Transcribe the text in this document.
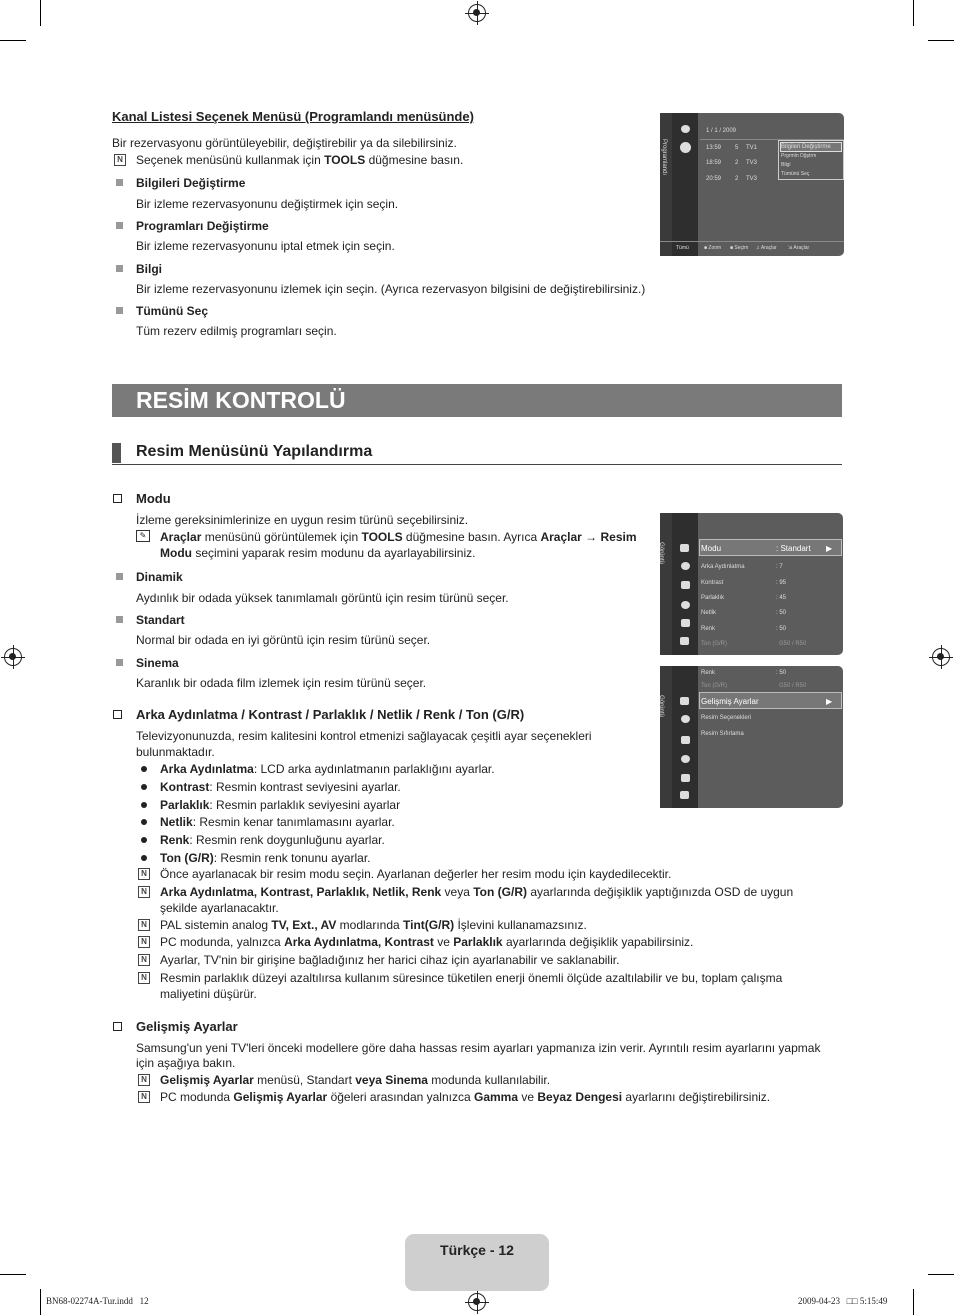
Kanal Listesi Seçenek Menüsü (Programlandı menüsünde)
Bir rezervasyonu görüntüleyebilir, değiştirebilir ya da silebilirsiniz.
N Seçenek menüsünü kullanmak için TOOLS düğmesine basın.
Bilgileri Değiştirme
Bir izleme rezervasyonunu değiştirmek için seçin.
Programları Değiştirme
Bir izleme rezervasyonunu iptal etmek için seçin.
Bilgi
Bir izleme rezervasyonunu izlemek için seçin. (Ayrıca rezervasyon bilgisini de değiştirebilirsiniz.)
Tümünü Seç
Tüm rezerv edilmiş programları seçin.
Programlandı
1 / 1 / 2009
13:59 5 TV1
18:59 2 TV3
20:59 2 TV3
Bilgileri Değiştirme
Prgrmlrı Dğştrm
Bilgi
Tümünü Seç
Tümü	■ Zoom ■ Seçim ♫ Araçlar ⇲ Araçlar
RESİM KONTROLÜ
Resim Menüsünü Yapılandırma
Modu
İzleme gereksinimlerinize en uygun resim türünü seçebilirsiniz.
✎	Araçlar menüsünü görüntülemek için TOOLS düğmesine basın. Ayrıca Araçlar → Resim
Modu seçimini yaparak resim modunu da ayarlayabilirsiniz.
Dinamik
Aydınlık bir odada yüksek tanımlamalı görüntü için resim türünü seçer.
Standart
Normal bir odada en iyi görüntü için resim türünü seçer.
Sinema
Karanlık bir odada film izlemek için resim türünü seçer.
Görüntü	Modu	: Standart ▶
Arka Aydınlatma	: 7
Kontrast	: 95
Parlaklık	: 45
Netlik	: 50
Renk	: 50
Ton (G/R)	G50 / R50
Görüntü
Renk	: 50
Ton (G/R)	G50 / R50
Gelişmiş Ayarlar	▶
Resim Seçenekleri
Resim Sıfırlama
Arka Aydınlatma / Kontrast / Parlaklık / Netlik / Renk / Ton (G/R)
Televizyonunuzda, resim kalitesini kontrol etmenizi sağlayacak çeşitli ayar seçenekleri
bulunmaktadır.
Arka Aydınlatma: LCD arka aydınlatmanın parlaklığını ayarlar.
Kontrast: Resmin kontrast seviyesini ayarlar.
Parlaklık: Resmin parlaklık seviyesini ayarlar
Netlik: Resmin kenar tanımlamasını ayarlar.
Renk: Resmin renk doygunluğunu ayarlar.
Ton (G/R): Resmin renk tonunu ayarlar.
N Önce ayarlanacak bir resim modu seçin. Ayarlanan değerler her resim modu için kaydedilecektir.
N Arka Aydınlatma, Kontrast, Parlaklık, Netlik, Renk veya Ton (G/R) ayarlarında değişiklik yaptığınızda OSD de uygun
şekilde ayarlanacaktır.
N PAL sistemin analog TV, Ext., AV modlarında Tint(G/R) İşlevini kullanamazsınız.
N PC modunda, yalnızca Arka Aydınlatma, Kontrast ve Parlaklık ayarlarında değişiklik yapabilirsiniz.
N Ayarlar, TV'nin bir girişine bağladığınız her harici cihaz için ayarlanabilir ve saklanabilir.
N Resmin parlaklık düzeyi azaltılırsa kullanım süresince tüketilen enerji önemli ölçüde azaltılabilir ve bu, toplam çalışma
maliyetini düşürür.
Gelişmiş Ayarlar
Samsung'un yeni TV'leri önceki modellere göre daha hassas resim ayarları yapmanıza izin verir. Ayrıntılı resim ayarlarını yapmak
için aşağıya bakın.
N Gelişmiş Ayarlar menüsü, Standart veya Sinema modunda kullanılabilir.
N PC modunda Gelişmiş Ayarlar öğeleri arasından yalnızca Gamma ve Beyaz Dengesi ayarlarını değiştirebilirsiniz.
Türkçe - 12
BN68-02274A-Tur.indd   12	2009-04-23   □□ 5:15:49
